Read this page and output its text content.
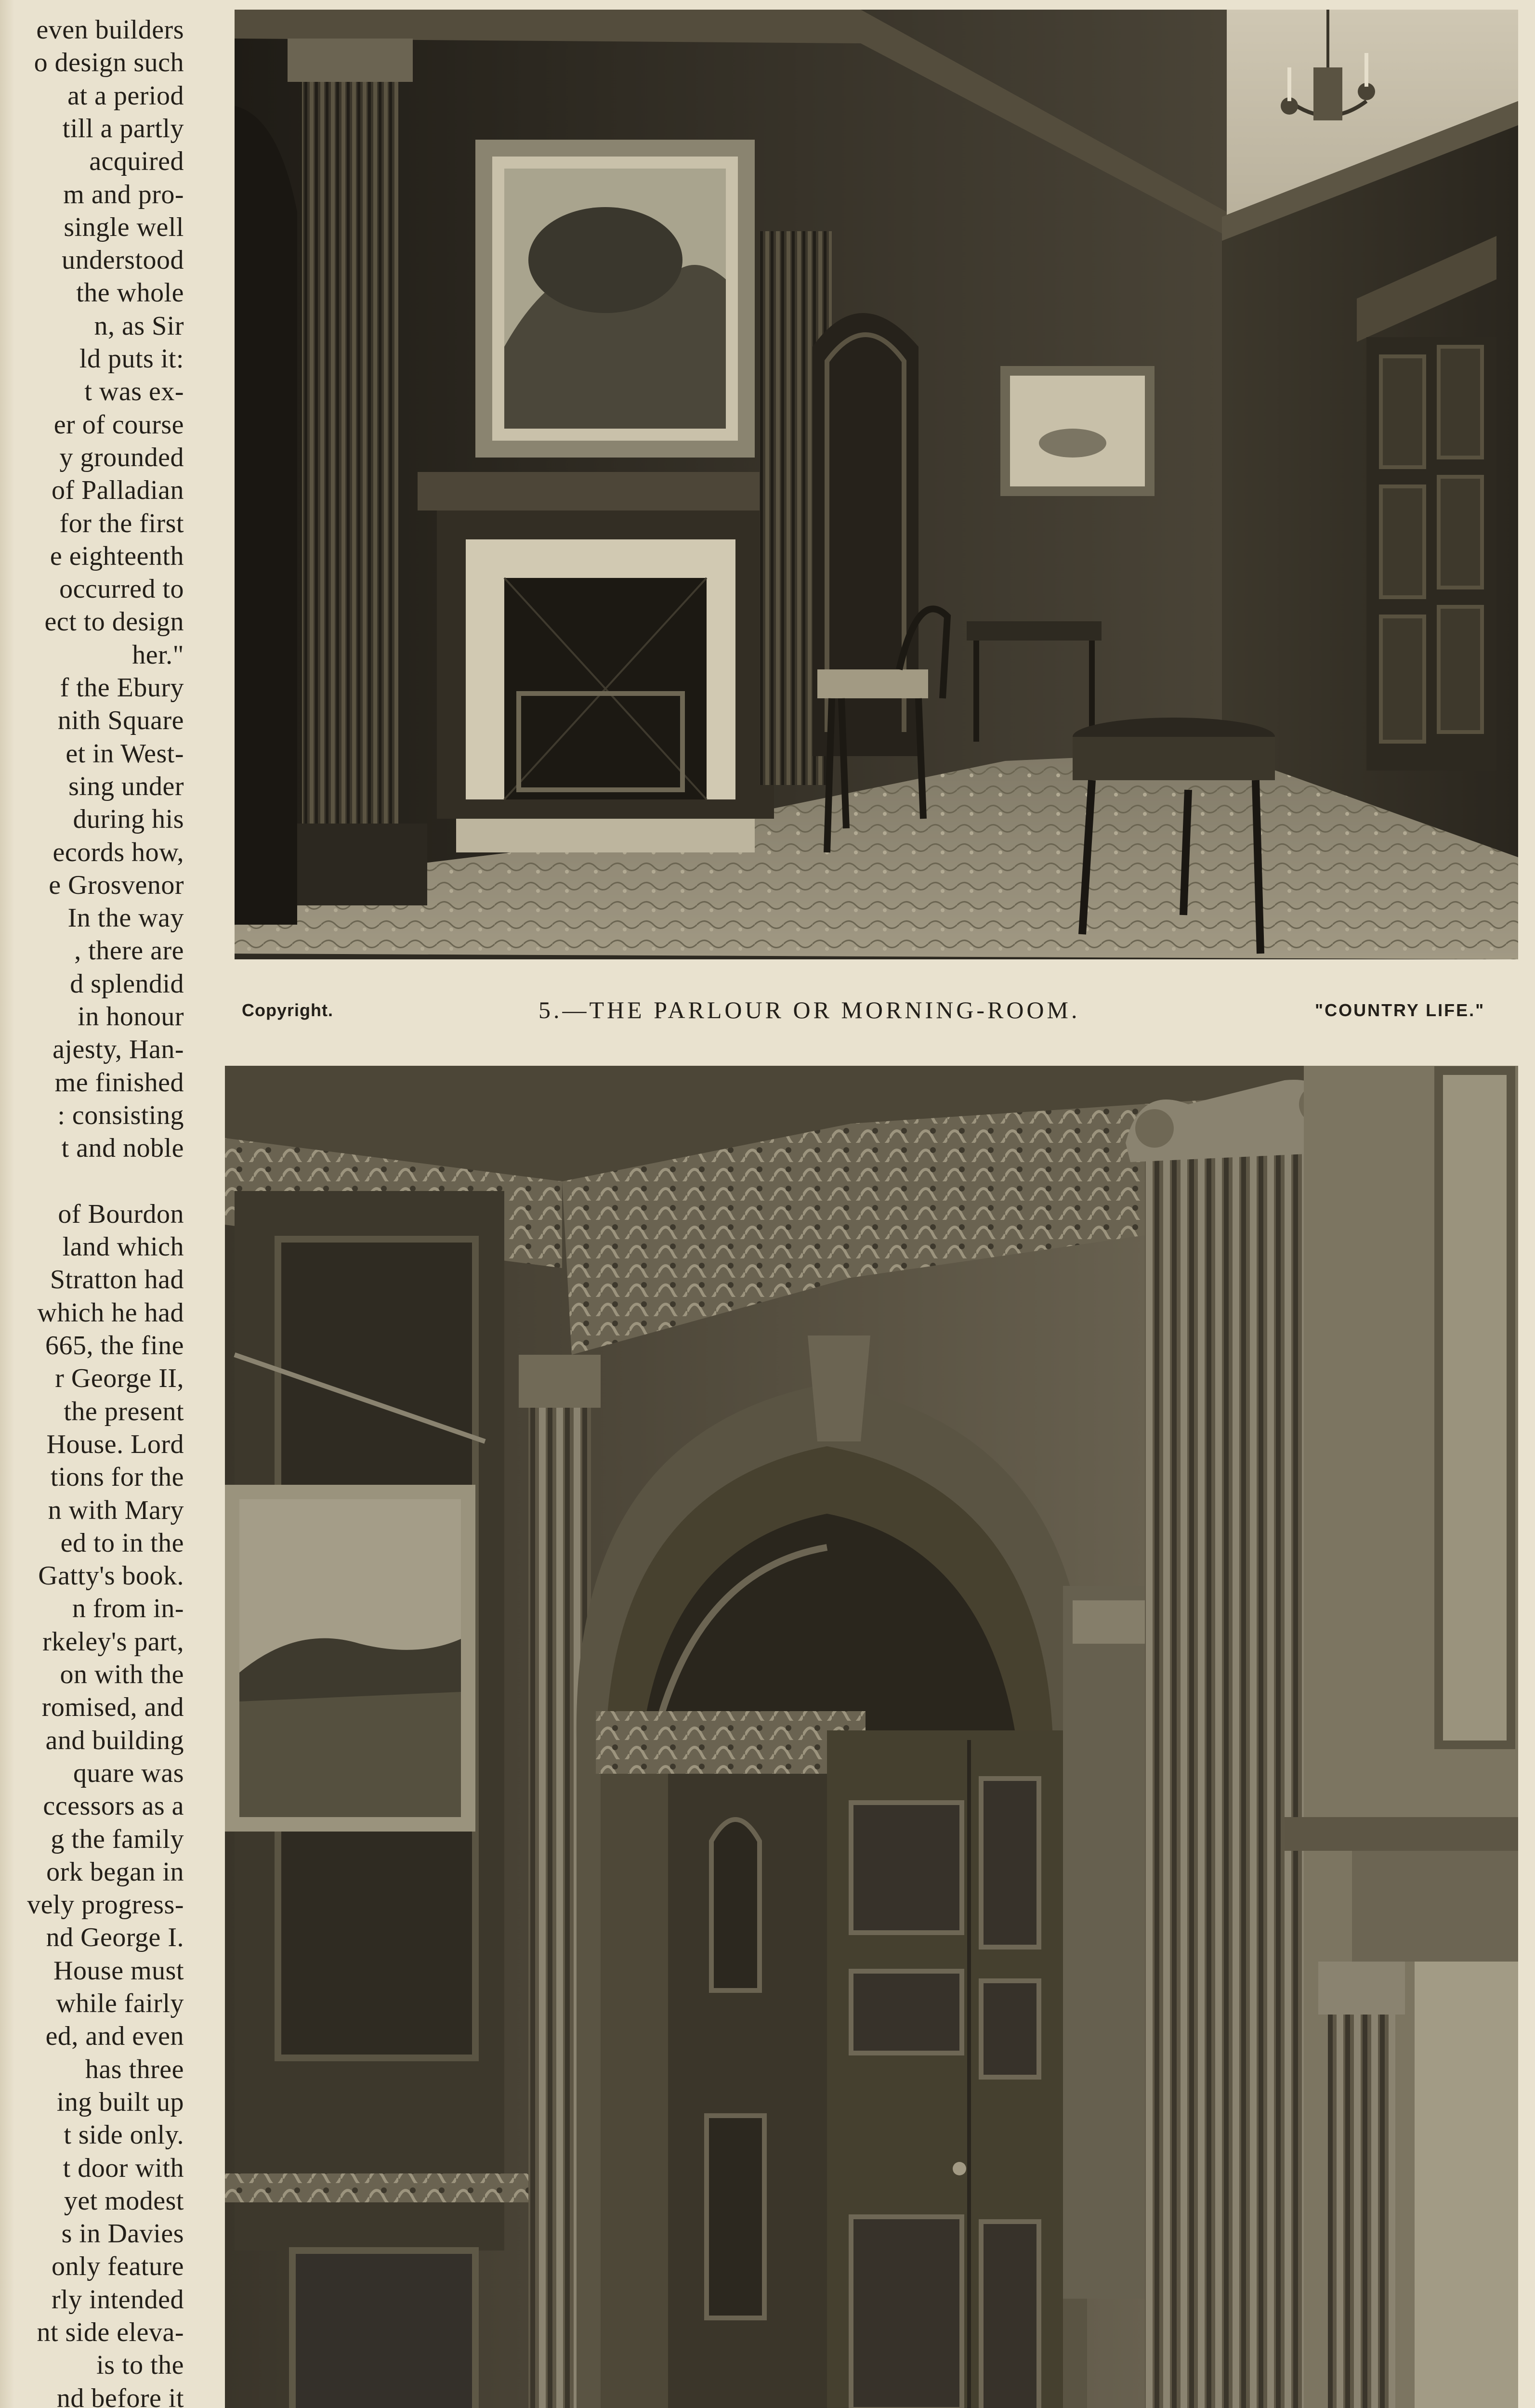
even builders
o design such
at a period
till a partly
acquired
m and pro-
single well
understood
the whole
n, as Sir
ld puts it:
t was ex-
er of course
y grounded
of Palladian
for the first
e eighteenth
occurred to
ect to design
her."
f the Ebury
nith Square
et in West-
sing under
during his
ecords how,
e Grosvenor
In the way
, there are
d splendid
in honour
ajesty, Han-
me finished
: consisting
t and noble
of Bourdon
land which
Stratton had
which he had
665, the fine
r George II,
the present
House. Lord
tions for the
n with Mary
ed to in the
Gatty's book.
n from in-
rkeley's part,
on with the
romised, and
and building
quare was
ccessors as a
g the family
ork began in
vely progress-
nd George I.
House must
while fairly
ed, and even
has three
ing built up
t side only.
t door with
yet modest
s in Davies
only feature
rly intended
nt side eleva-
is to the
nd before it
Copyright.	5.—THE PARLOUR OR MORNING-ROOM.	"COUNTRY LIFE."
